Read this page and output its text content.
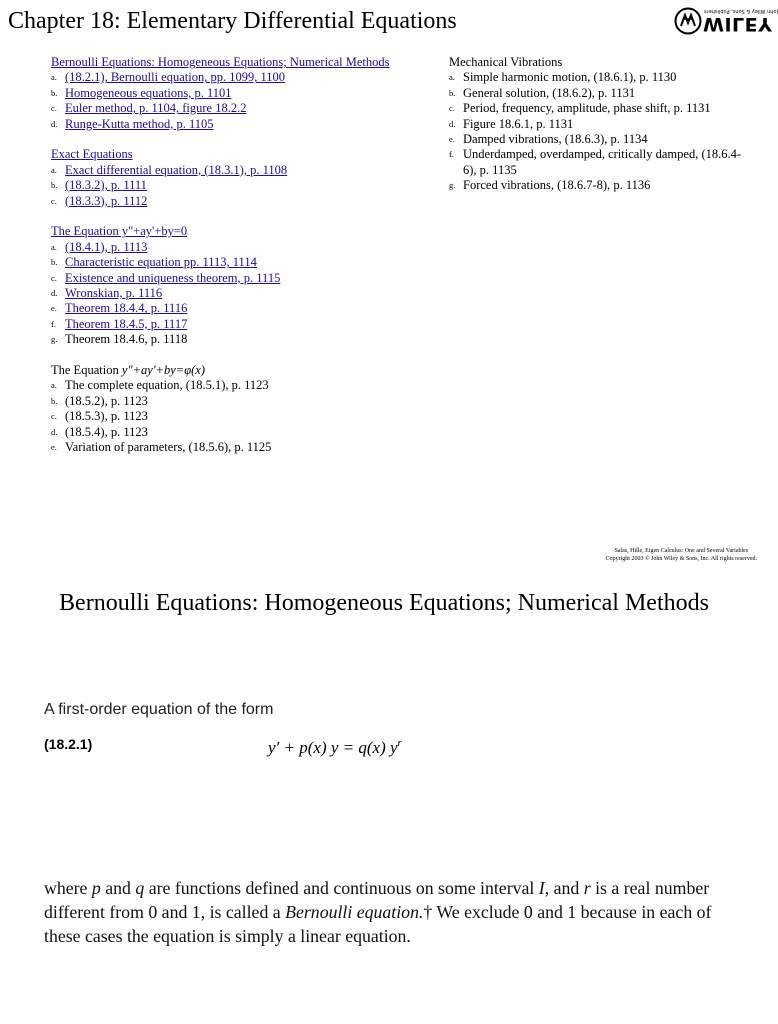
Chapter 18: Elementary Differential Equations	John Wiley & Sons, Publishers
WILEY
Bernoulli Equations: Homogeneous Equations; Numerical Methods
a. (18.2.1), Bernoulli equation, pp. 1099, 1100
b. Homogeneous equations, p. 1101
c. Euler method, p. 1104, figure 18.2.2
d. Runge-Kutta method, p. 1105
Exact Equations
a. Exact differential equation, (18.3.1), p. 1108
b. (18.3.2), p. 1111
c. (18.3.3), p. 1112
The Equation y"+ay'+by=0
a. (18.4.1), p. 1113
b. Characteristic equation pp. 1113, 1114
c. Existence and uniqueness theorem, p. 1115
d. Wronskian, p. 1116
e. Theorem 18.4.4, p. 1116
f. Theorem 18.4.5, p. 1117
g. Theorem 18.4.6, p. 1118
The Equation y"+ay'+by=φ(x)
a. The complete equation, (18.5.1), p. 1123
b. (18.5.2), p. 1123
c. (18.5.3), p. 1123
d. (18.5.4), p. 1123
e. Variation of parameters, (18.5.6), p. 1125
Mechanical Vibrations
a. Simple harmonic motion, (18.6.1), p. 1130
b. General solution, (18.6.2), p. 1131
c. Period, frequency, amplitude, phase shift, p. 1131
d. Figure 18.6.1, p. 1131
e. Damped vibrations, (18.6.3), p. 1134
f. Underdamped, overdamped, critically damped, (18.6.4-6), p. 1135
g. Forced vibrations, (18.6.7-8), p. 1136
Salas, Hille, Etgen Calculus: One and Several Variables
Copyright 2003 © John Wiley & Sons, Inc. All rights reserved.
Bernoulli Equations: Homogeneous Equations; Numerical Methods
A first-order equation of the form
(18.2.1)	y′ + p(x) y = q(x) $y^r$
where p and q are functions defined and continuous on some interval I, and r is a real number different from 0 and 1, is called a Bernoulli equation.† We exclude 0 and 1 because in each of these cases the equation is simply a linear equation.
